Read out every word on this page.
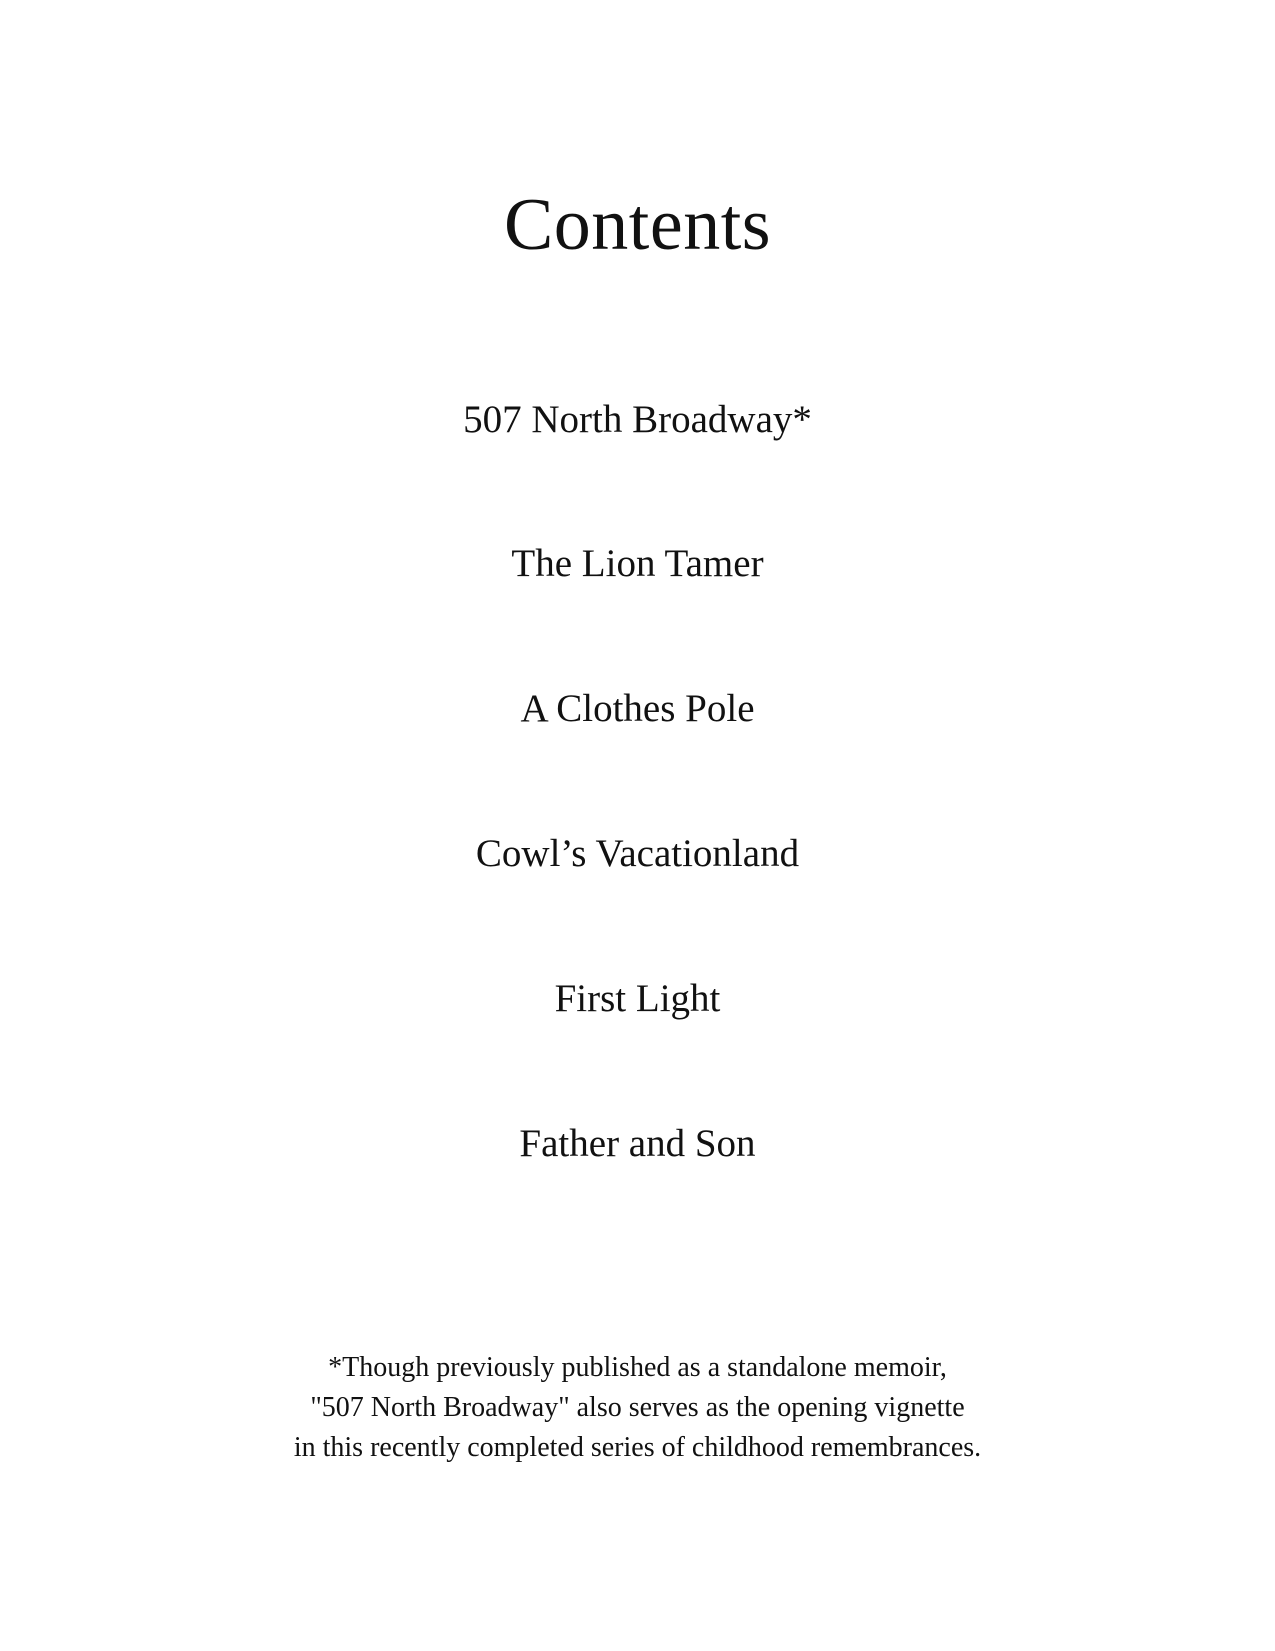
Contents
507 North Broadway*
The Lion Tamer
A Clothes Pole
Cowl’s Vacationland
First Light
Father and Son
*Though previously published as a standalone memoir,
"507 North Broadway" also serves as the opening vignette
in this recently completed series of childhood remembrances.
